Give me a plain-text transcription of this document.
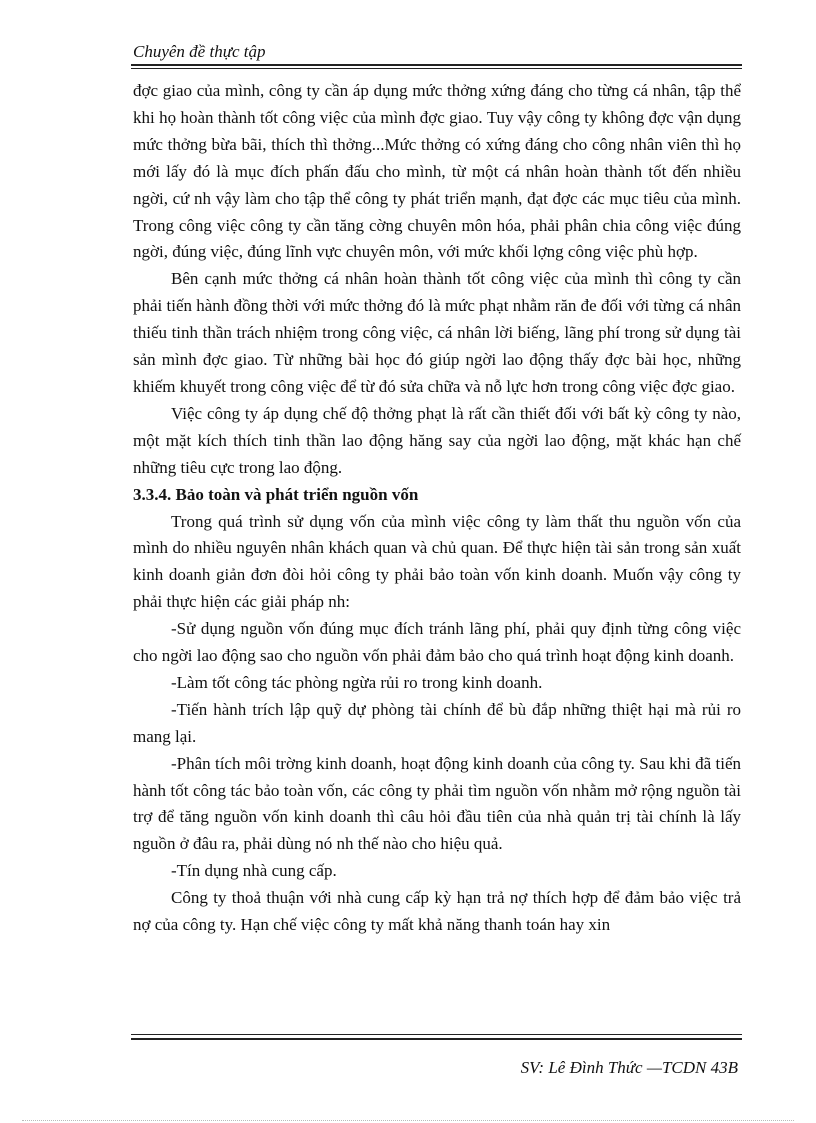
Chuyên đề thực tập

đợc giao của mình, công ty cần áp dụng mức thởng xứng đáng cho từng cá nhân, tập thể khi họ hoàn thành tốt công việc của mình đợc giao. Tuy vậy công ty không đợc vận dụng mức thởng bừa bãi, thích thì thởng...Mức thởng có xứng đáng cho công nhân viên thì họ mới lấy đó là mục đích phấn đấu cho mình, từ một cá nhân hoàn thành tốt đến nhiều ngời, cứ nh vậy làm cho tập thể công ty phát triển mạnh, đạt đợc các mục tiêu của mình. Trong công việc công ty cần tăng cờng chuyên môn hóa, phải phân chia công việc đúng ngời, đúng việc, đúng lĩnh vực chuyên môn, với mức khối lợng công việc phù hợp.

Bên cạnh mức thởng cá nhân hoàn thành tốt công việc của mình thì công ty cần phải tiến hành đồng thời với mức thởng đó là mức phạt nhằm răn đe đối với từng cá nhân thiếu tinh thần trách nhiệm trong công việc, cá nhân lời biếng, lãng phí trong sử dụng tài sản mình đợc giao. Từ những bài học đó giúp ngời lao động thấy đợc bài học, những khiếm khuyết trong công việc để từ đó sửa chữa và nỗ lực hơn trong công việc đợc giao.

Việc công ty áp dụng chế độ thởng phạt là rất cần thiết đối với bất kỳ công ty nào, một mặt kích thích tinh thần lao động hăng say của ngời lao động, mặt khác hạn chế những tiêu cực trong lao động.

3.3.4. Bảo toàn và phát triển nguồn vốn

Trong quá trình sử dụng vốn của mình việc công ty làm thất thu nguồn vốn của mình do nhiều nguyên nhân khách quan và chủ quan. Để thực hiện tài sản trong sản xuất kinh doanh giản đơn đòi hỏi công ty phải bảo toàn vốn kinh doanh. Muốn vậy công ty phải thực hiện các giải pháp nh:

-Sử dụng nguồn vốn đúng mục đích tránh lãng phí, phải quy định từng công việc cho ngời lao động sao cho nguồn vốn phải đảm bảo cho quá trình hoạt động kinh doanh.

-Làm tốt công tác phòng ngừa rủi ro trong kinh doanh.

-Tiến hành trích lập quỹ dự phòng tài chính để bù đắp những thiệt hại mà rủi ro mang lại.

-Phân tích môi trờng kinh doanh, hoạt động kinh doanh của công ty. Sau khi đã tiến hành tốt công tác bảo toàn vốn, các công ty phải tìm nguồn vốn nhằm mở rộng nguồn tài trợ để tăng nguồn vốn kinh doanh thì câu hỏi đầu tiên của nhà quản trị tài chính là lấy nguồn ở đâu ra, phải dùng nó nh thế nào cho hiệu quả.

-Tín dụng nhà cung cấp.

Công ty thoả thuận với nhà cung cấp kỳ hạn trả nợ thích hợp để đảm bảo việc trả nợ của công ty. Hạn chế việc công ty mất khả năng thanh toán hay xin

SV: Lê Đình Thức —TCDN 43B
